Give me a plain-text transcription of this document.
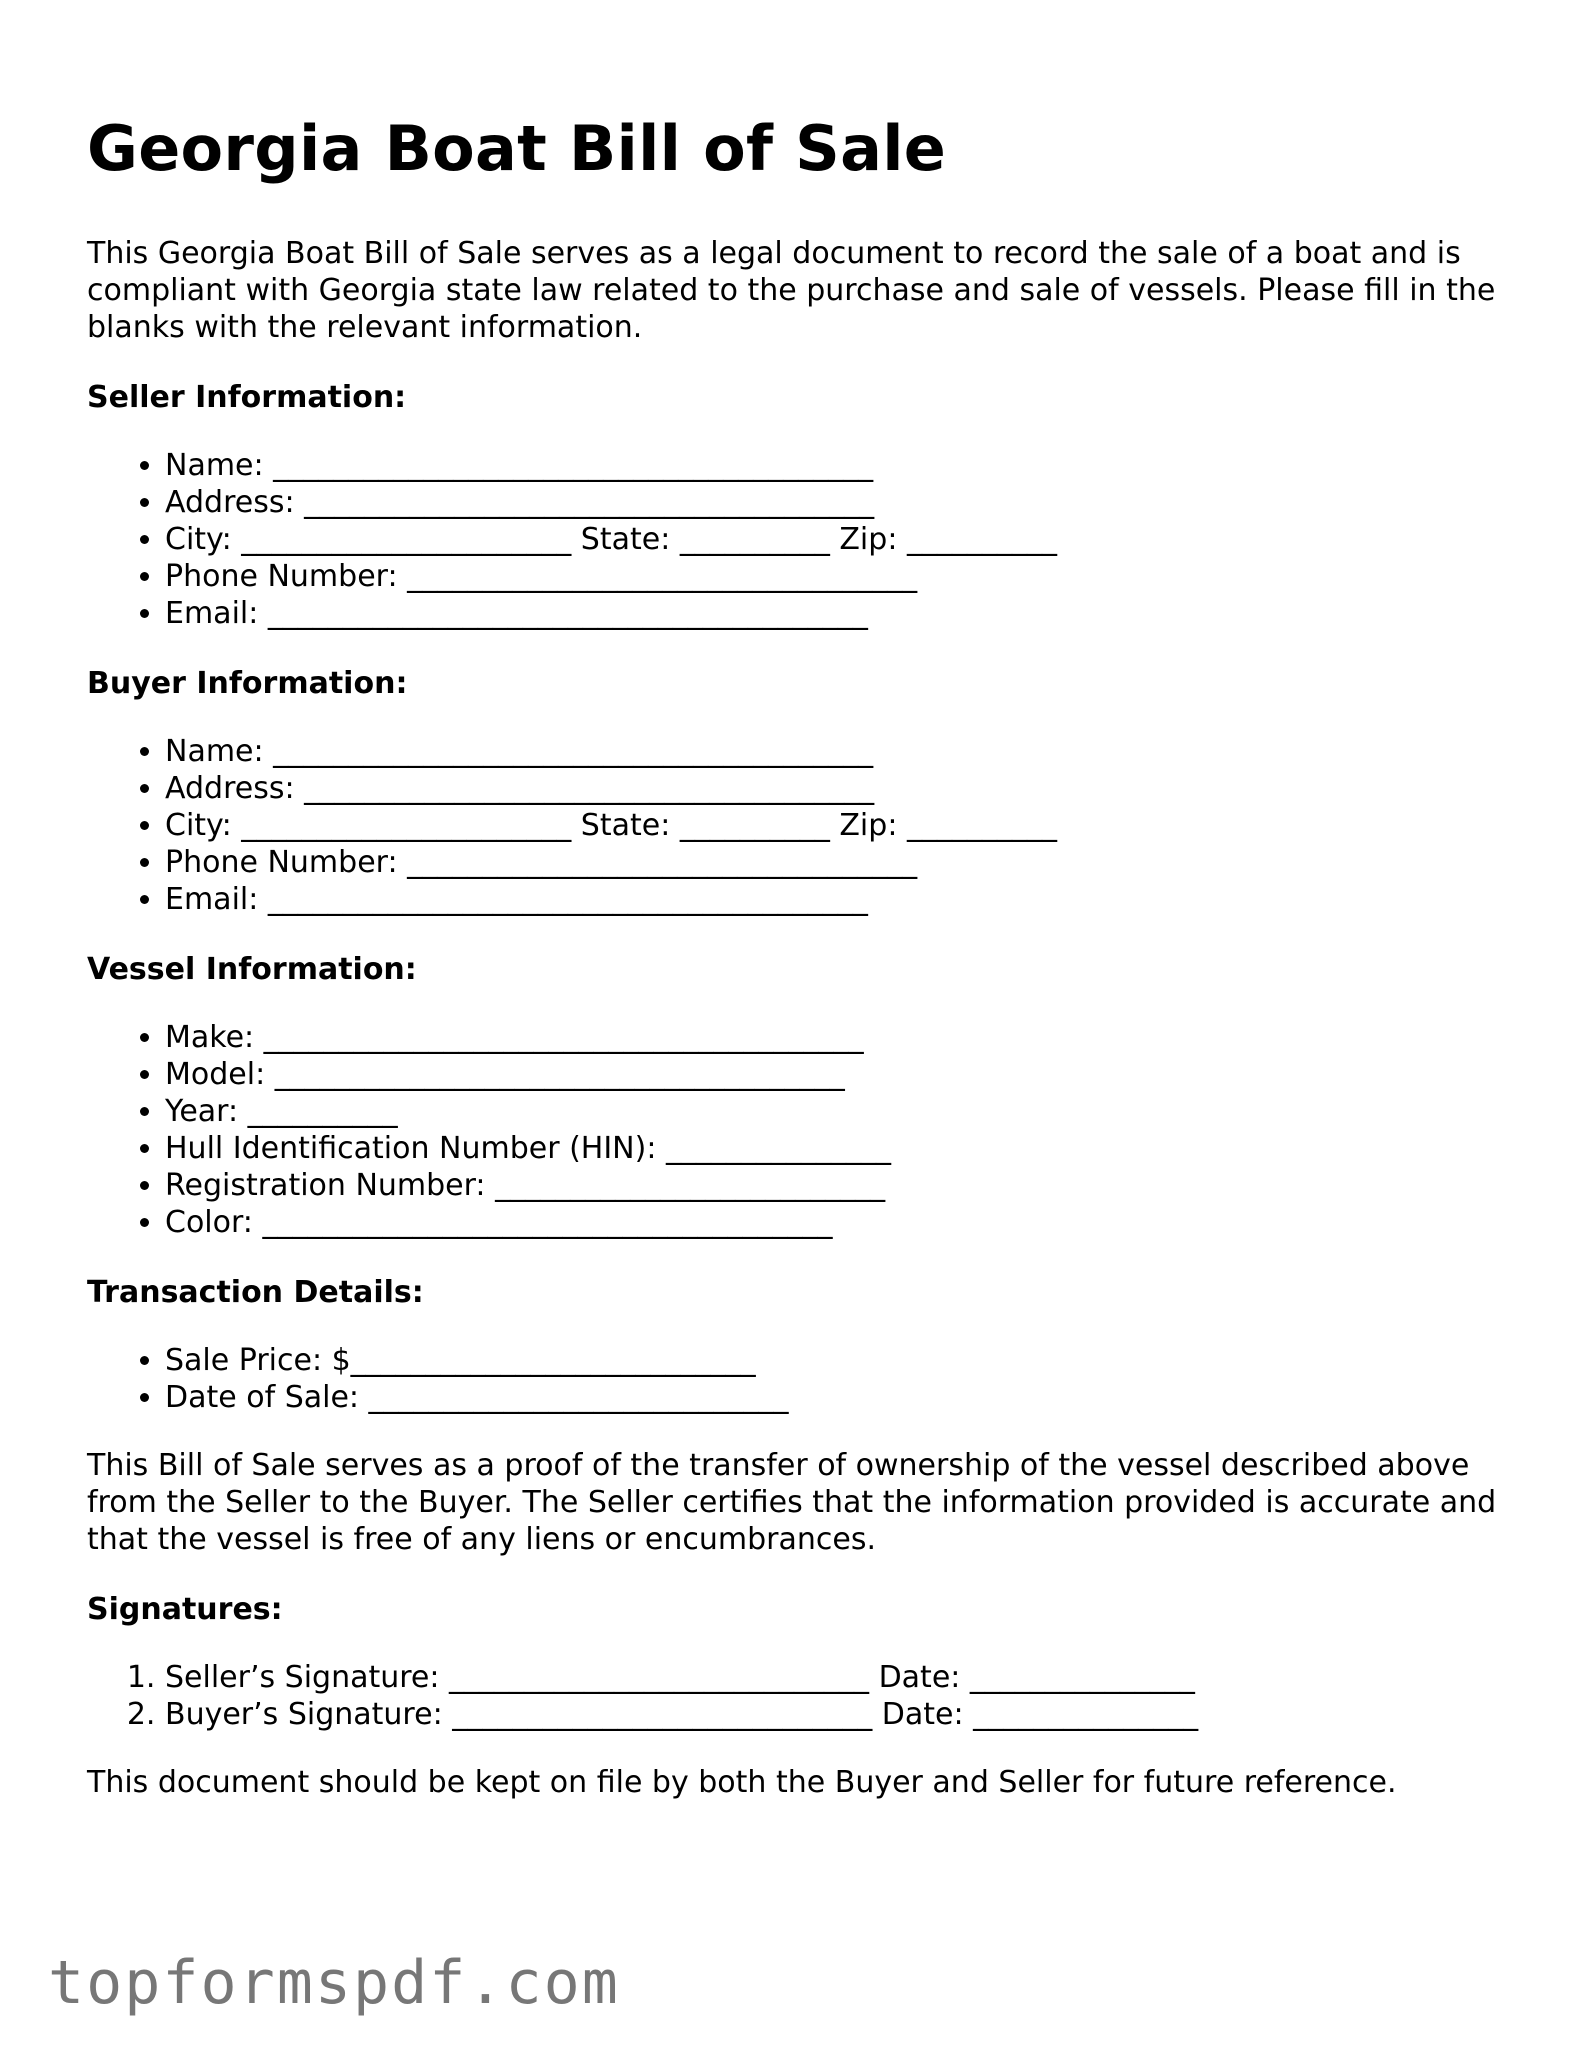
Georgia Boat Bill of Sale

This Georgia Boat Bill of Sale serves as a legal document to record the sale of a boat and is compliant with Georgia state law related to the purchase and sale of vessels. Please fill in the blanks with the relevant information.

Seller Information:
• Name: ________________________________________
• Address: ______________________________________
• City: ______________________ State: __________ Zip: __________
• Phone Number: __________________________________
• Email: ________________________________________
Buyer Information:
• Name: ________________________________________
• Address: ______________________________________
• City: ______________________ State: __________ Zip: __________
• Phone Number: __________________________________
• Email: ________________________________________
Vessel Information:
• Make: ________________________________________
• Model: ______________________________________
• Year: __________
• Hull Identification Number (HIN): _______________
• Registration Number: __________________________
• Color: ______________________________________
Transaction Details:
• Sale Price: $___________________________
• Date of Sale: ____________________________

This Bill of Sale serves as a proof of the transfer of ownership of the vessel described above from the Seller to the Buyer. The Seller certifies that the information provided is accurate and that the vessel is free of any liens or encumbrances.

Signatures:
1. Seller’s Signature: ____________________________ Date: _______________
2. Buyer’s Signature: ____________________________ Date: _______________

This document should be kept on file by both the Buyer and Seller for future reference.

topformspdf.com
